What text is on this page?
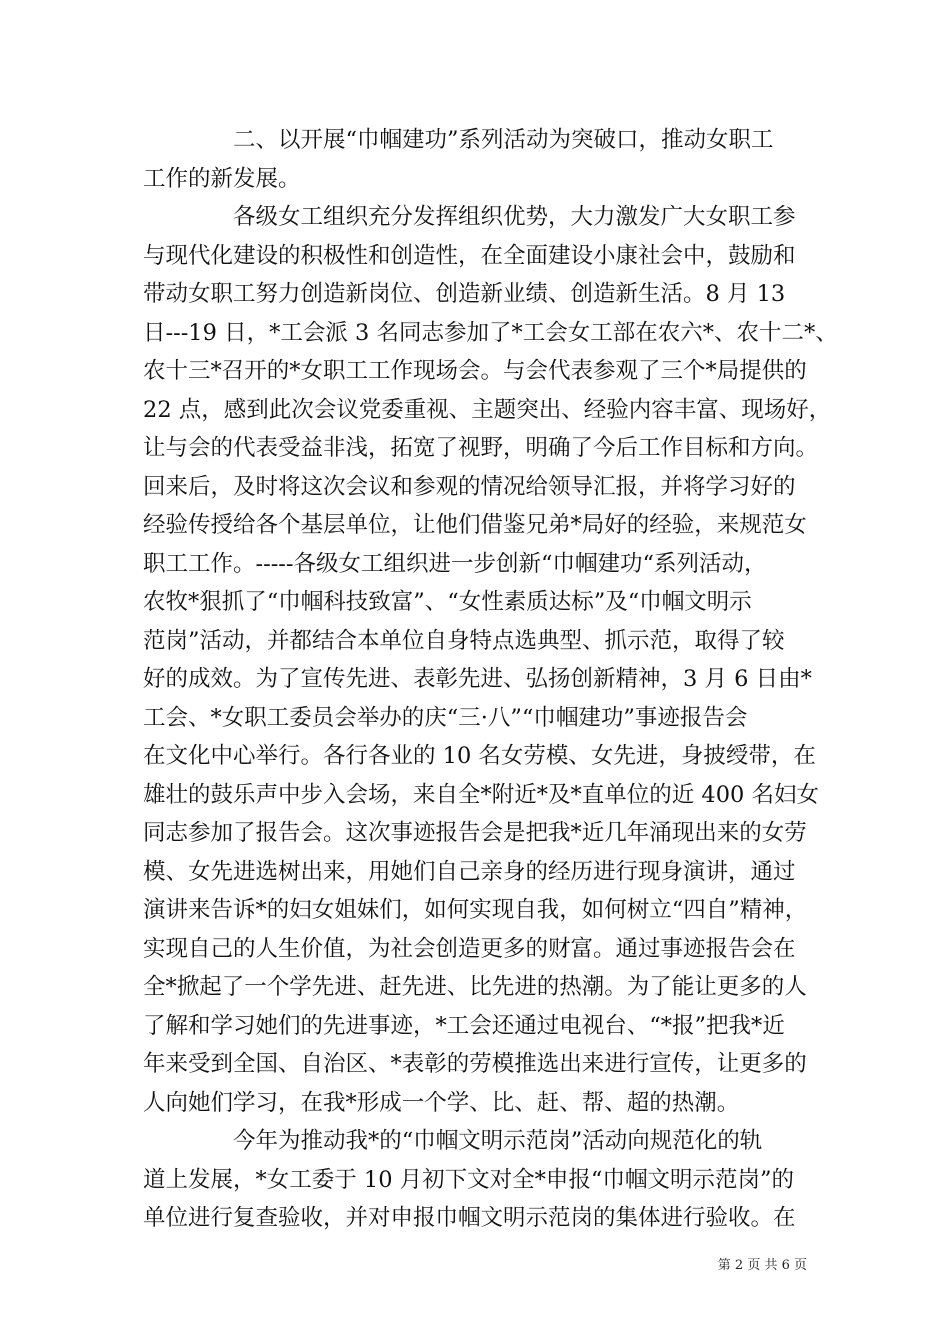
　　　　二、以开展“巾帼建功”系列活动为突破口，推动女职工
工作的新发展。
　　　　各级女工组织充分发挥组织优势，大力激发广大女职工参
与现代化建设的积极性和创造性，在全面建设小康社会中，鼓励和
带动女职工努力创造新岗位、创造新业绩、创造新生活。8 月 13
日---19 日，*工会派 3 名同志参加了*工会女工部在农六*、农十二*、
农十三*召开的*女职工工作现场会。与会代表参观了三个*局提供的
22 点，感到此次会议党委重视、主题突出、经验内容丰富、现场好，
让与会的代表受益非浅，拓宽了视野，明确了今后工作目标和方向。
回来后，及时将这次会议和参观的情况给领导汇报，并将学习好的
经验传授给各个基层单位，让他们借鉴兄弟*局好的经验，来规范女
职工工作。-----各级女工组织进一步创新“巾帼建功“系列活动，
农牧*狠抓了“巾帼科技致富”、“女性素质达标”及“巾帼文明示
范岗”活动，并都结合本单位自身特点选典型、抓示范，取得了较
好的成效。为了宣传先进、表彰先进、弘扬创新精神，3 月 6 日由*
工会、*女职工委员会举办的庆“三·八”“巾帼建功”事迹报告会
在文化中心举行。各行各业的 10 名女劳模、女先进，身披绶带，在
雄壮的鼓乐声中步入会场，来自全*附近*及*直单位的近 400 名妇女
同志参加了报告会。这次事迹报告会是把我*近几年涌现出来的女劳
模、女先进选树出来，用她们自己亲身的经历进行现身演讲，通过
演讲来告诉*的妇女姐妹们，如何实现自我，如何树立“四自”精神，
实现自己的人生价值，为社会创造更多的财富。通过事迹报告会在
全*掀起了一个学先进、赶先进、比先进的热潮。为了能让更多的人
了解和学习她们的先进事迹，*工会还通过电视台、“*报”把我*近
年来受到全国、自治区、*表彰的劳模推选出来进行宣传，让更多的
人向她们学习，在我*形成一个学、比、赶、帮、超的热潮。
　　　　今年为推动我*的“巾帼文明示范岗”活动向规范化的轨
道上发展，*女工委于 10 月初下文对全*申报“巾帼文明示范岗”的
单位进行复查验收，并对申报巾帼文明示范岗的集体进行验收。在
第 2 页 共 6 页
